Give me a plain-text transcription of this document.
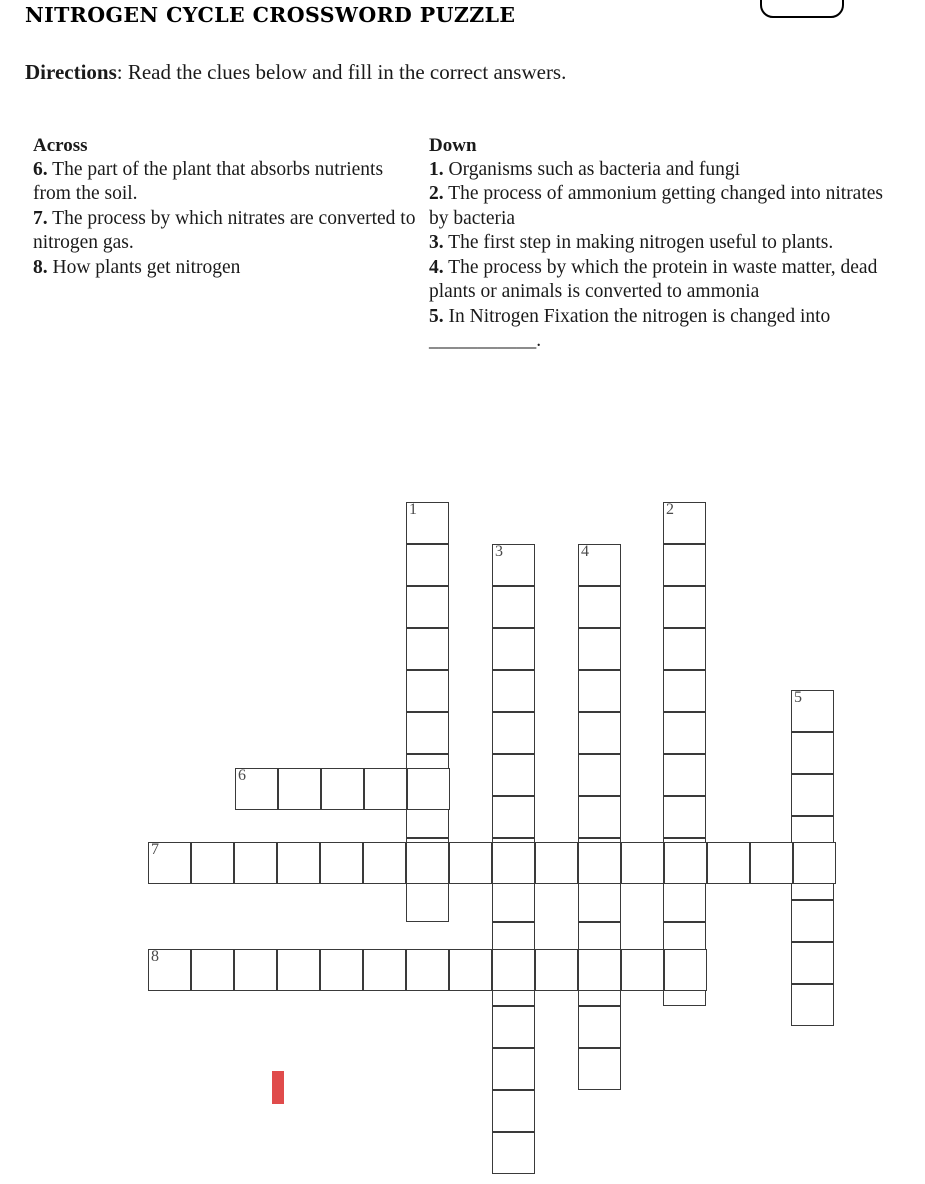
NITROGEN CYCLE CROSSWORD PUZZLE
Directions: Read the clues below and fill in the correct answers.
Across
6. The part of the plant that absorbs nutrients from the soil.
7. The process by which nitrates are converted to nitrogen gas.
8. How plants get nitrogen
Down
1. Organisms such as bacteria and fungi
2. The process of ammonium getting changed into nitrates by bacteria
3. The first step in making nitrogen useful to plants.
4. The process by which the protein in waste matter, dead plants or animals is converted to ammonia
5. In Nitrogen Fixation the nitrogen is changed into ___________.
1	2
3	4
5
6
7
8
